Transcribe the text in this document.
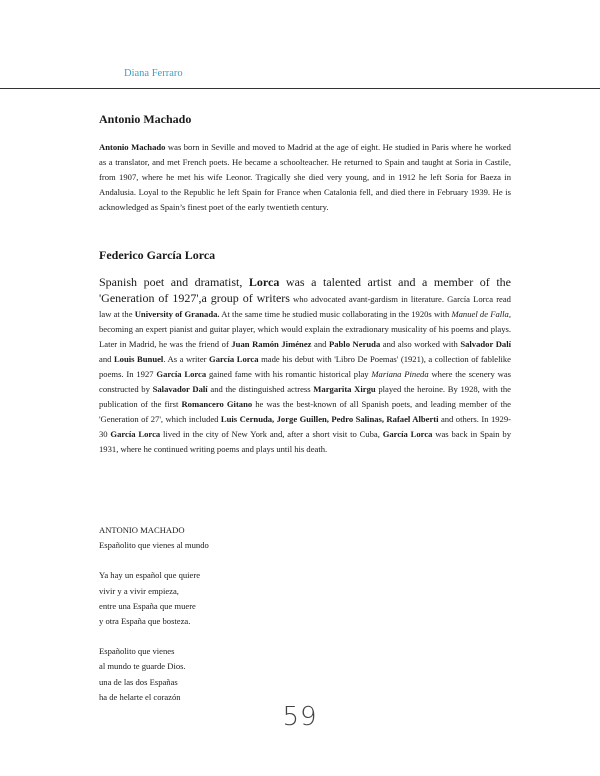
Diana Ferraro
Antonio Machado

Antonio Machado was born in Seville and moved to Madrid at the age of eight. He studied in Paris where he worked as a translator, and met French poets. He became a schoolteacher. He returned to Spain and taught at Soria in Castile, from 1907, where he met his wife Leonor. Tragically she died very young, and in 1912 he left Soria for Baeza in Andalusia. Loyal to the Republic he left Spain for France when Catalonia fell, and died there in February 1939. He is acknowledged as Spain’s finest poet of the early twentieth century.

Federico García Lorca

Spanish poet and dramatist, Lorca was a talented artist and a member of the 'Generation of 1927',a group of writers who advocated avant-gardism in literature. García Lorca read law at the University of Granada. At the same time he studied music collaborating in the 1920s with Manuel de Falla, becoming an expert pianist and guitar player, which would explain the extradionary musicality of his poems and plays. Later in Madrid, he was the friend of Juan Ramón Jiménez and Pablo Neruda and also worked with Salvador Dalí and Louis Bunuel. As a writer García Lorca made his debut with 'Libro De Poemas' (1921), a collection of fablelike poems. In 1927 García Lorca gained fame with his romantic historical play Mariana Pineda where the scenery was constructed by Salavador Dalí and the distinguished actress Margarita Xirgu played the heroine. By 1928, with the publication of the first Romancero Gitano he was the best-known of all Spanish poets, and leading member of the 'Generation of 27', which included Luis Cernuda, Jorge Guillen, Pedro Salinas, Rafael Alberti and others. In 1929-30 García Lorca lived in the city of New York and, after a short visit to Cuba, García Lorca was back in Spain by 1931, where he continued writing poems and plays until his death.

ANTONIO MACHADO
Españolito que vienes al mundo
Ya hay un español que quiere
vivir y a vivir empieza,
entre una España que muere
y otra España que bosteza.
Españolito que vienes
al mundo te guarde Dios.
una de las dos Españas
ha de helarte el corazón
59
